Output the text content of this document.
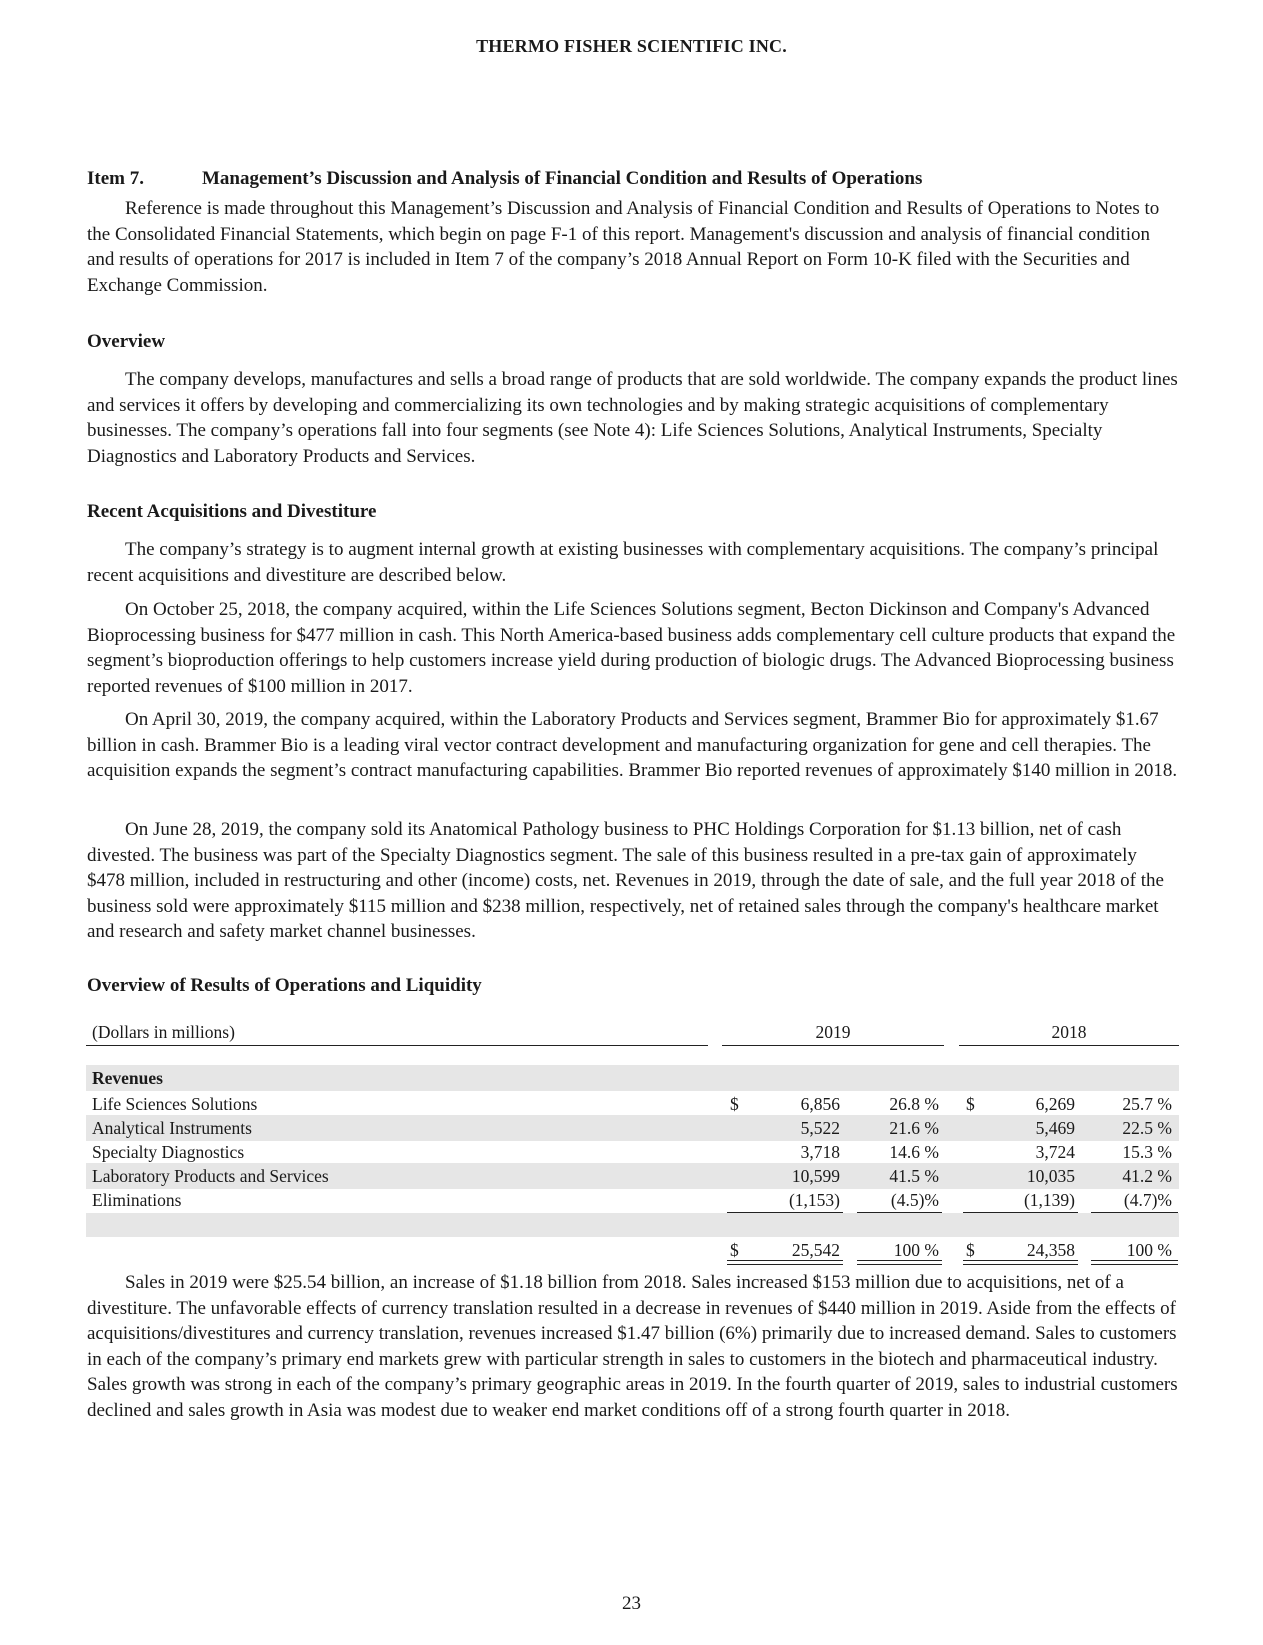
THERMO FISHER SCIENTIFIC INC.
Item 7.	Management’s Discussion and Analysis of Financial Condition and Results of Operations

Reference is made throughout this Management’s Discussion and Analysis of Financial Condition and Results of Operations to Notes to the Consolidated Financial Statements, which begin on page F-1 of this report. Management's discussion and analysis of financial condition and results of operations for 2017 is included in Item 7 of the company’s 2018 Annual Report on Form 10-K filed with the Securities and Exchange Commission.

Overview

The company develops, manufactures and sells a broad range of products that are sold worldwide. The company expands the product lines and services it offers by developing and commercializing its own technologies and by making strategic acquisitions of complementary businesses. The company’s operations fall into four segments (see Note 4): Life Sciences Solutions, Analytical Instruments, Specialty Diagnostics and Laboratory Products and Services.

Recent Acquisitions and Divestiture

The company’s strategy is to augment internal growth at existing businesses with complementary acquisitions. The company’s principal recent acquisitions and divestiture are described below.

On October 25, 2018, the company acquired, within the Life Sciences Solutions segment, Becton Dickinson and Company's Advanced Bioprocessing business for $477 million in cash. This North America-based business adds complementary cell culture products that expand the segment’s bioproduction offerings to help customers increase yield during production of biologic drugs. The Advanced Bioprocessing business reported revenues of $100 million in 2017.

On April 30, 2019, the company acquired, within the Laboratory Products and Services segment, Brammer Bio for approximately $1.67 billion in cash. Brammer Bio is a leading viral vector contract development and manufacturing organization for gene and cell therapies. The acquisition expands the segment’s contract manufacturing capabilities. Brammer Bio reported revenues of approximately $140 million in 2018.

On June 28, 2019, the company sold its Anatomical Pathology business to PHC Holdings Corporation for $1.13 billion, net of cash divested. The business was part of the Specialty Diagnostics segment. The sale of this business resulted in a pre-tax gain of approximately $478 million, included in restructuring and other (income) costs, net. Revenues in 2019, through the date of sale, and the full year 2018 of the business sold were approximately $115 million and $238 million, respectively, net of retained sales through the company's healthcare market and research and safety market channel businesses.

Overview of Results of Operations and Liquidity
(Dollars in millions)	2019	2018
Revenues
Life Sciences Solutions	$	6,856	26.8 % $	6,269	25.7 %
Analytical Instruments	5,522	21.6 %	5,469	22.5 %
Specialty Diagnostics	3,718	14.6 %	3,724	15.3 %
Laboratory Products and Services	10,599	41.5 %	10,035	41.2 %
Eliminations	(1,153)	(4.5)%	(1,139)	(4.7)%
$	25,542	100 % $	24,358	100 %

Sales in 2019 were $25.54 billion, an increase of $1.18 billion from 2018. Sales increased $153 million due to acquisitions, net of a divestiture. The unfavorable effects of currency translation resulted in a decrease in revenues of $440 million in 2019. Aside from the effects of acquisitions/divestitures and currency translation, revenues increased $1.47 billion (6%) primarily due to increased demand. Sales to customers in each of the company’s primary end markets grew with particular strength in sales to customers in the biotech and pharmaceutical industry. Sales growth was strong in each of the company’s primary geographic areas in 2019. In the fourth quarter of 2019, sales to industrial customers declined and sales growth in Asia was modest due to weaker end market conditions off of a strong fourth quarter in 2018.

23
